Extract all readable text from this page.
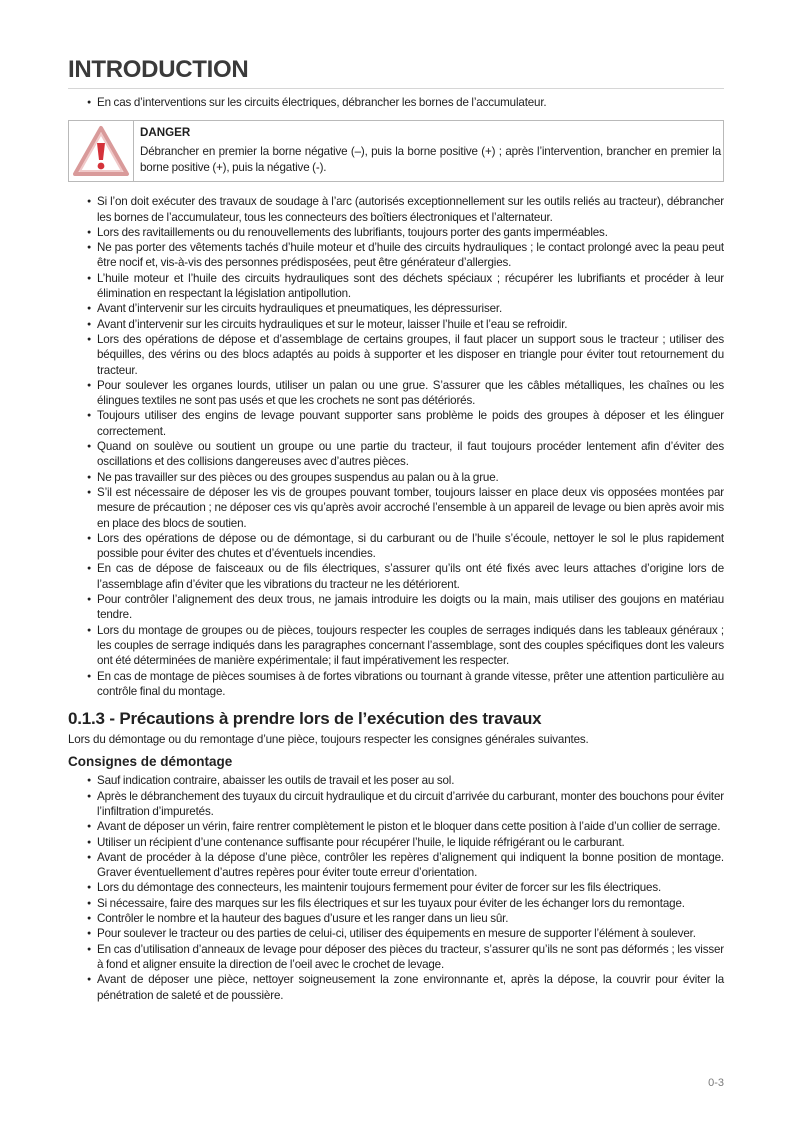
INTRODUCTION
● En cas d’interventions sur les circuits électriques, débrancher les bornes de l’accumulateur.
DANGER
Débrancher en premier la borne négative (–), puis la borne positive (+) ; après l’intervention, brancher en premier la borne positive (+), puis la négative (-).
● Si l’on doit exécuter des travaux de soudage à l’arc (autorisés exceptionnellement sur les outils reliés au tracteur), débrancher les bornes de l’accumulateur, tous les connecteurs des boîtiers électroniques et l’alternateur.
● Lors des ravitaillements ou du renouvellements des lubrifiants, toujours porter des gants imperméables.
● Ne pas porter des vêtements tachés d’huile moteur et d’huile des circuits hydrauliques ; le contact prolongé avec la peau peut être nocif et, vis-à-vis des personnes prédisposées, peut être générateur d’allergies.
● L’huile moteur et l’huile des circuits hydrauliques sont des déchets spéciaux ; récupérer les lubrifiants et procéder à leur élimination en respectant la législation antipollution.
● Avant d’intervenir sur les circuits hydrauliques et pneumatiques, les dépressuriser.
● Avant d’intervenir sur les circuits hydrauliques et sur le moteur, laisser l’huile et l’eau se refroidir.
● Lors des opérations de dépose et d’assemblage de certains groupes, il faut placer un support sous le tracteur ; utiliser des béquilles, des vérins ou des blocs adaptés au poids à supporter et les disposer en triangle pour éviter tout retournement du tracteur.
● Pour soulever les organes lourds, utiliser un palan ou une grue. S’assurer que les câbles métalliques, les chaînes ou les élingues textiles ne sont pas usés et que les crochets ne sont pas détériorés.
● Toujours utiliser des engins de levage pouvant supporter sans problème le poids des groupes à déposer et les élinguer correctement.
● Quand on soulève ou soutient un groupe ou une partie du tracteur, il faut toujours procéder lentement afin d’éviter des oscillations et des collisions dangereuses avec d’autres pièces.
● Ne pas travailler sur des pièces ou des groupes suspendus au palan ou à la grue.
● S’il est nécessaire de déposer les vis de groupes pouvant tomber, toujours laisser en place deux vis opposées montées par mesure de précaution ; ne déposer ces vis qu’après avoir accroché l’ensemble à un appareil de levage ou bien après avoir mis en place des blocs de soutien.
● Lors des opérations de dépose ou de démontage, si du carburant ou de l’huile s’écoule, nettoyer le sol le plus rapidement possible pour éviter des chutes et d’éventuels incendies.
● En cas de dépose de faisceaux ou de fils électriques, s’assurer qu’ils ont été fixés avec leurs attaches d’origine lors de l’assemblage afin d’éviter que les vibrations du tracteur ne les détériorent.
● Pour contrôler l’alignement des deux trous, ne jamais introduire les doigts ou la main, mais utiliser des goujons en matériau tendre.
● Lors du montage de groupes ou de pièces, toujours respecter les couples de serrages indiqués dans les tableaux généraux ; les couples de serrage indiqués dans les paragraphes concernant l’assemblage, sont des couples spécifiques dont les valeurs ont été déterminées de manière expérimentale; il faut impérativement les respecter.
● En cas de montage de pièces soumises à de fortes vibrations ou tournant à grande vitesse, prêter une attention particulière au contrôle final du montage.
0.1.3 - Précautions à prendre lors de l’exécution des travaux

Lors du démontage ou du remontage d’une pièce, toujours respecter les consignes générales suivantes.

Consignes de démontage
● Sauf indication contraire, abaisser les outils de travail et les poser au sol.
● Après le débranchement des tuyaux du circuit hydraulique et du circuit d’arrivée du carburant, monter des bouchons pour éviter l’infiltration d’impuretés.
● Avant de déposer un vérin, faire rentrer complètement le piston et le bloquer dans cette position à l’aide d’un collier de serrage.
● Utiliser un récipient d’une contenance suffisante pour récupérer l’huile, le liquide réfrigérant ou le carburant.
● Avant de procéder à la dépose d’une pièce, contrôler les repères d’alignement qui indiquent la bonne position de montage. Graver éventuellement d’autres repères pour éviter toute erreur d’orientation.
● Lors du démontage des connecteurs, les maintenir toujours fermement pour éviter de forcer sur les fils électriques.
● Si nécessaire, faire des marques sur les fils électriques et sur les tuyaux pour éviter de les échanger lors du remontage.
● Contrôler le nombre et la hauteur des bagues d’usure et les ranger dans un lieu sûr.
● Pour soulever le tracteur ou des parties de celui-ci, utiliser des équipements en mesure de supporter l’élément à soulever.
● En cas d’utilisation d’anneaux de levage pour déposer des pièces du tracteur, s’assurer qu’ils ne sont pas déformés ; les visser à fond et aligner ensuite la direction de l’oeil avec le crochet de levage.
● Avant de déposer une pièce, nettoyer soigneusement la zone environnante et, après la dépose, la couvrir pour éviter la pénétration de saleté et de poussière.
0-3
